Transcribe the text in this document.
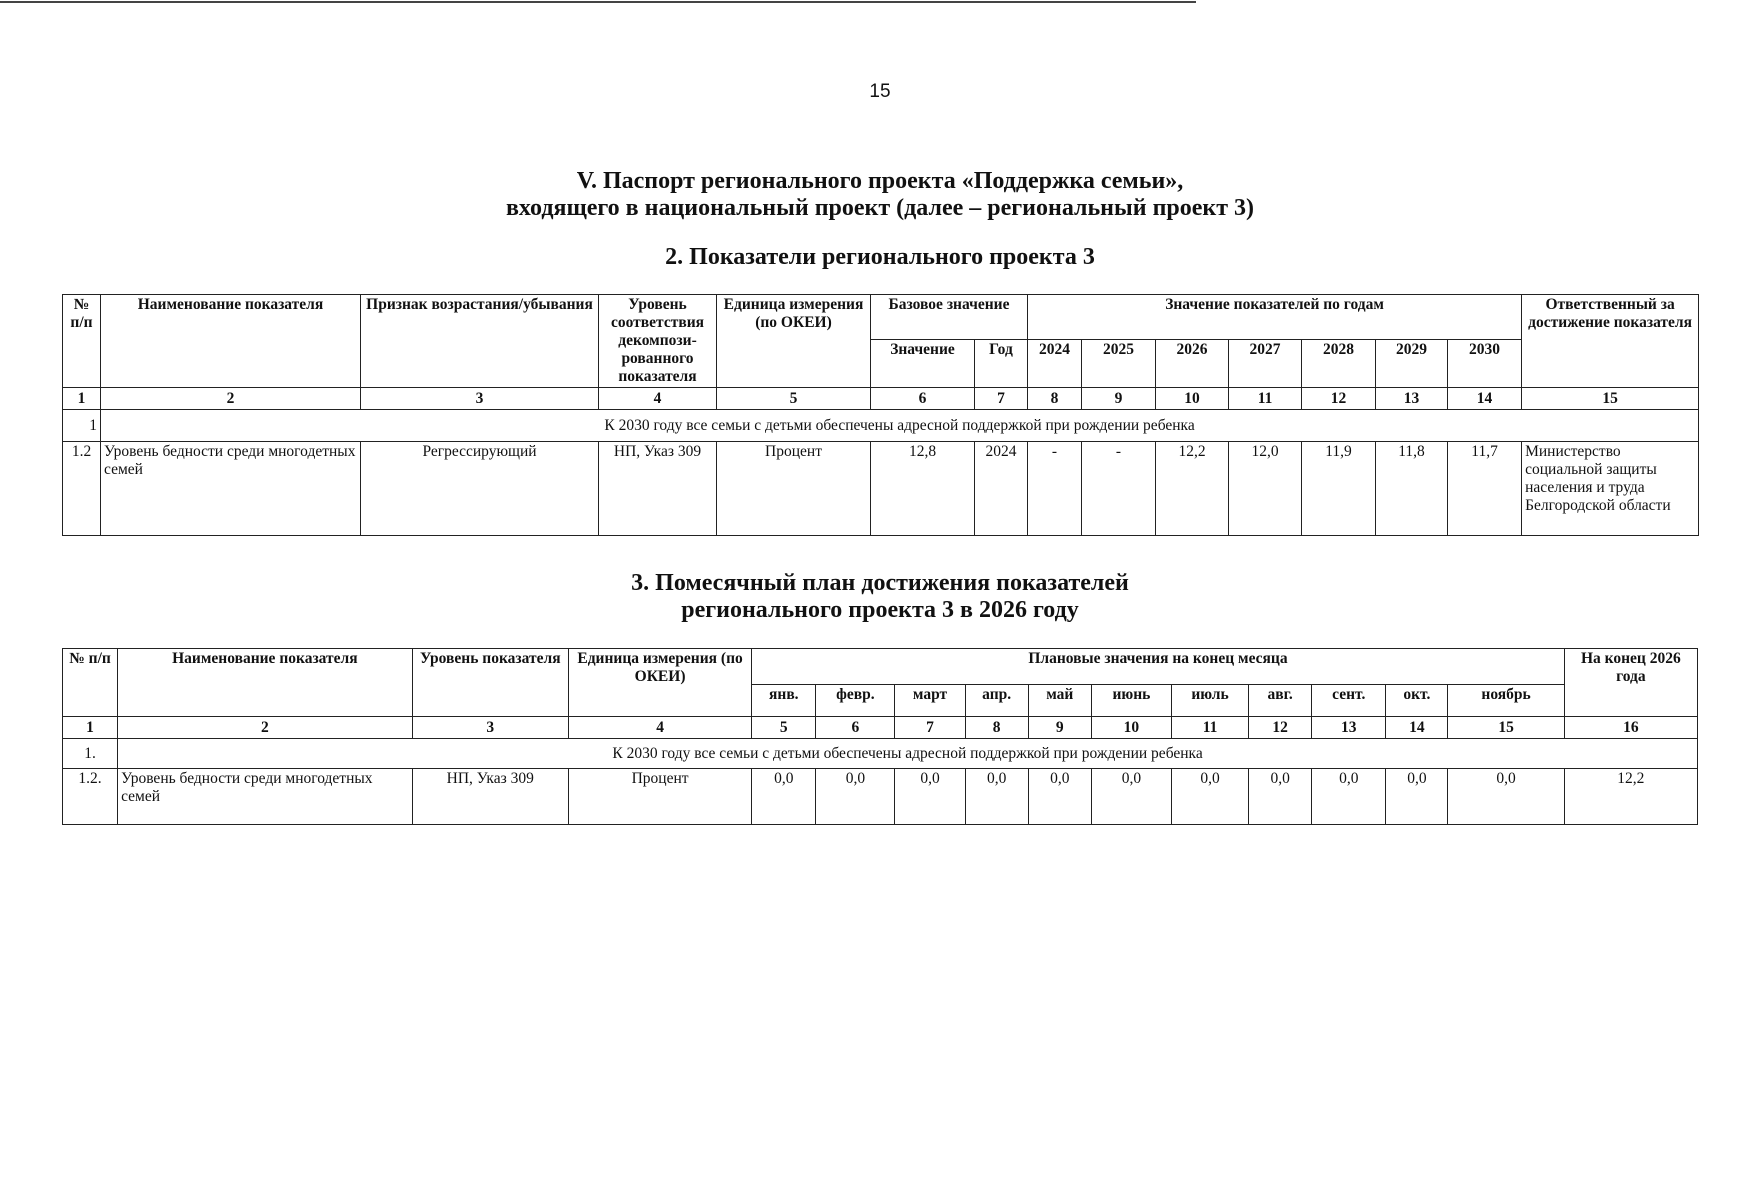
15
V. Паспорт регионального проекта «Поддержка семьи»,
входящего в национальный проект (далее – региональный проект 3)
2. Показатели регионального проекта 3
№ п/п	Наименование показателя	Признак возрастания/убывания	Уровень соответствия декомпози-рованного показателя	Единица измерения (по ОКЕИ)	Базовое значение		Значение показателей по годам							Ответственный за достижение показателя
					Значение	Год	2024	2025	2026	2027	2028	2029	2030	
1	2	3	4	5	6	7	8	9	10	11	12	13	14	15
1	К 2030 году все семьи с детьми обеспечены адресной поддержкой при рождении ребенка													
1.2	Уровень бедности среди многодетных семей	Регрессирующий	НП, Указ 309	Процент	12,8	2024	-	-	12,2	12,0	11,9	11,8	11,7	Министерство социальной защиты населения и труда Белгородской области
3. Помесячный план достижения показателей
регионального проекта 3 в 2026 году
№ п/п	Наименование показателя	Уровень показателя	Единица измерения (по ОКЕИ)	Плановые значения на конец месяца											На конец 2026 года
				янв.	февр.	март	апр.	май	июнь	июль	авг.	сент.	окт.	ноябрь	
1	2	3	4	5	6	7	8	9	10	11	12	13	14	15	16
1.	К 2030 году все семьи с детьми обеспечены адресной поддержкой при рождении ребенка														
1.2.	Уровень бедности среди многодетных семей	НП, Указ 309	Процент	0,0	0,0	0,0	0,0	0,0	0,0	0,0	0,0	0,0	0,0	0,0	12,2
